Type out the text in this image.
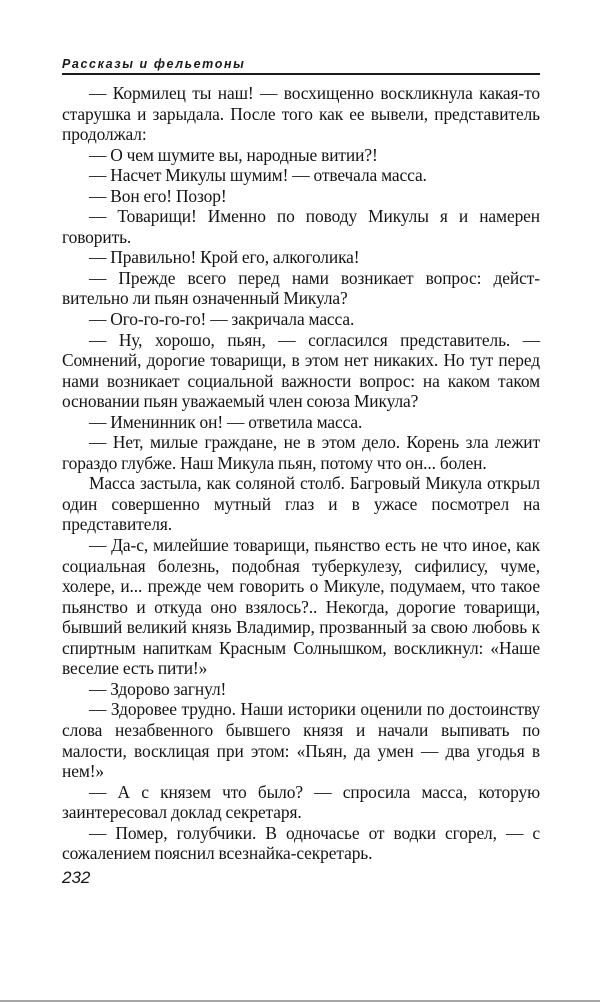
Рассказы и фельетоны

— Кормилец ты наш! — восхищенно воскликнула какая-то старушка и зарыдала. После того как ее вывели, представитель продолжал:

— О чем шумите вы, народные витии?!

— Насчет Микулы шумим! — отвечала масса.

— Вон его! Позор!

— Товарищи! Именно по поводу Микулы я и намерен говорить.

— Правильно! Крой его, алкоголика!

— Прежде всего перед нами возникает вопрос: действительно ли пьян означенный Микула?

— Ого-го-го-го! — закричала масса.

— Ну, хорошо, пьян, — согласился представитель. — Сомнений, дорогие товарищи, в этом нет никаких. Но тут перед нами возникает социальной важности вопрос: на каком таком основании пьян уважаемый член союза Микула?

— Именинник он! — ответила масса.

— Нет, милые граждане, не в этом дело. Корень зла лежит гораздо глубже. Наш Микула пьян, потому что он... болен.

Масса застыла, как соляной столб. Багровый Микула открыл один совершенно мутный глаз и в ужасе посмотрел на представителя.

— Да-с, милейшие товарищи, пьянство есть не что иное, как социальная болезнь, подобная туберкулезу, сифилису, чуме, холере, и... прежде чем говорить о Микуле, подумаем, что такое пьянство и откуда оно взялось?.. Некогда, дорогие товарищи, бывший великий князь Владимир, прозванный за свою любовь к спиртным напиткам Красным Солнышком, воскликнул: «Наше веселие есть пити!»

— Здорово загнул!

— Здоровее трудно. Наши историки оценили по достоинству слова незабвенного бывшего князя и начали выпивать по малости, восклицая при этом: «Пьян, да умен — два угодья в нем!»

— А с князем что было? — спросила масса, которую заинтересовал доклад секретаря.

— Помер, голубчики. В одночасье от водки сгорел, — с сожалением пояснил всезнайка-секретарь.

232
